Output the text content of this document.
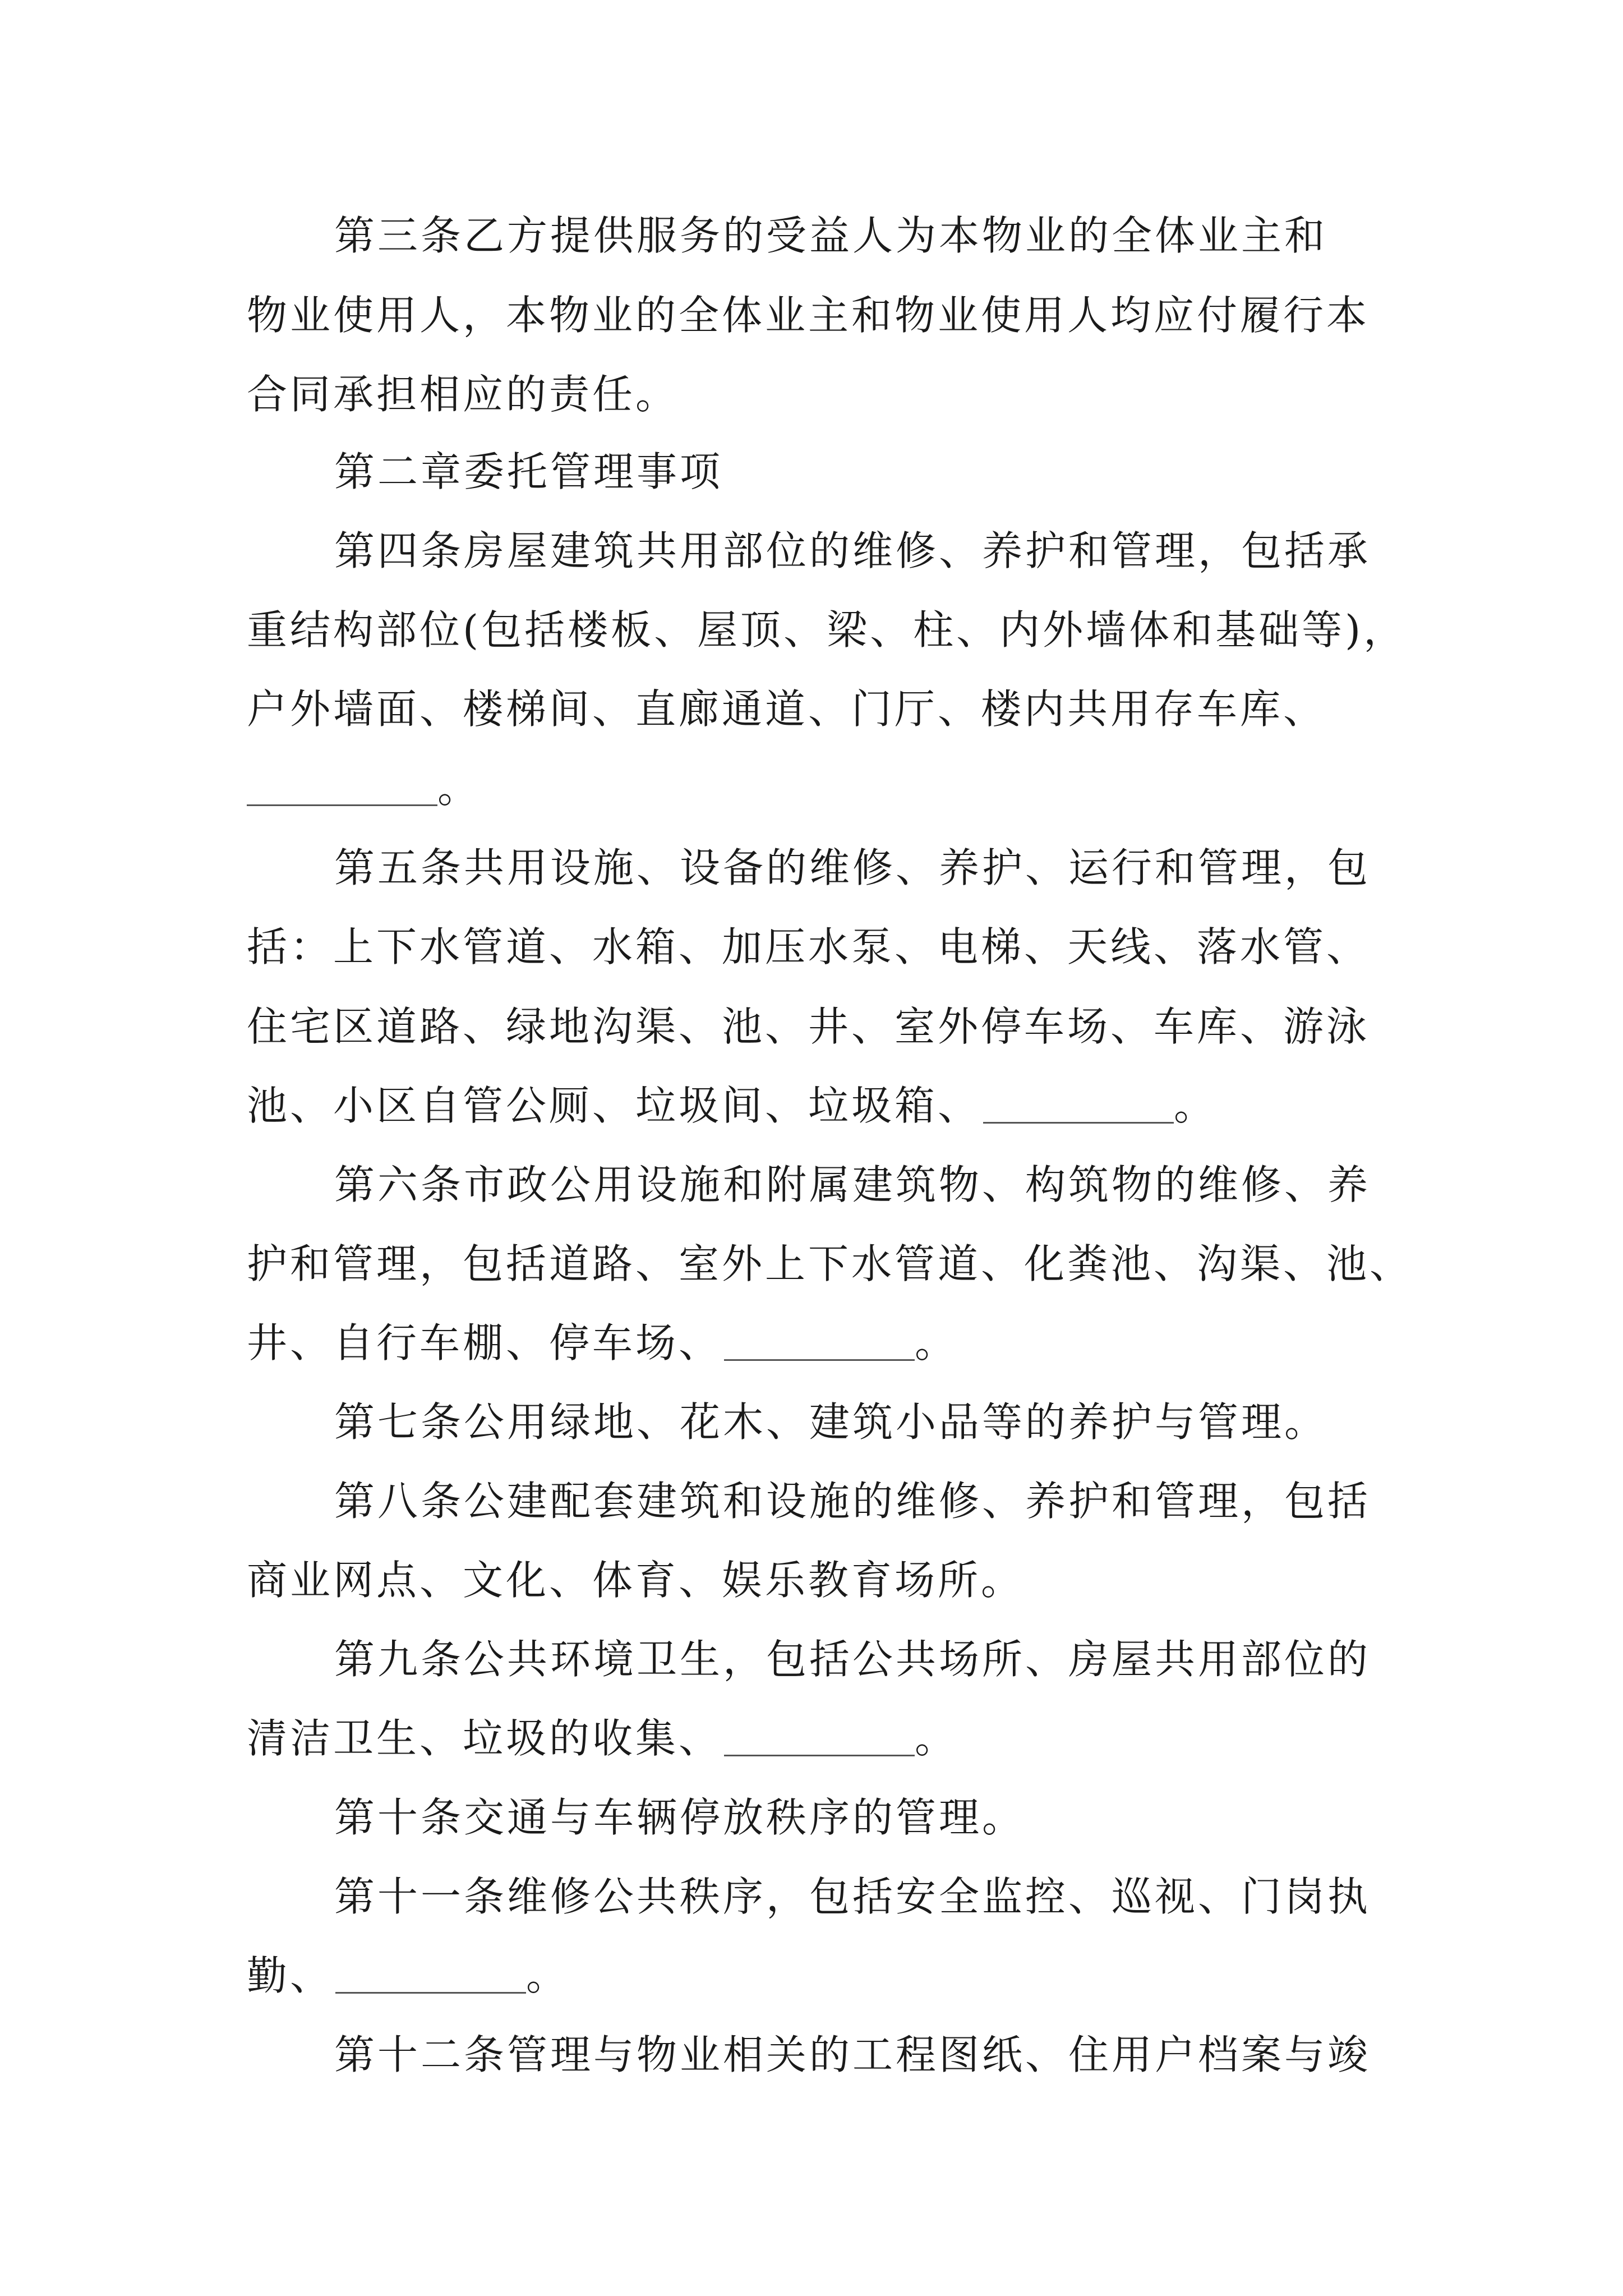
第三条乙方提供服务的受益人为本物业的全体业主和
物业使用人，本物业的全体业主和物业使用人均应付履行本
合同承担相应的责任。
第二章委托管理事项
第四条房屋建筑共用部位的维修、养护和管理，包括承
重结构部位(包括楼板、屋顶、梁、柱、内外墙体和基础等)，
户外墙面、楼梯间、直廊通道、门厅、楼内共用存车库、
。
第五条共用设施、设备的维修、养护、运行和管理，包
括：上下水管道、水箱、加压水泵、电梯、天线、落水管、
住宅区道路、绿地沟渠、池、井、室外停车场、车库、游泳
池、小区自管公厕、垃圾间、垃圾箱、	。
第六条市政公用设施和附属建筑物、构筑物的维修、养
护和管理，包括道路、室外上下水管道、化粪池、沟渠、池、
井、自行车棚、停车场、	。
第七条公用绿地、花木、建筑小品等的养护与管理。
第八条公建配套建筑和设施的维修、养护和管理，包括
商业网点、文化、体育、娱乐教育场所。
第九条公共环境卫生，包括公共场所、房屋共用部位的
清洁卫生、垃圾的收集、	。
第十条交通与车辆停放秩序的管理。
第十一条维修公共秩序，包括安全监控、巡视、门岗执
勤、	。
第十二条管理与物业相关的工程图纸、住用户档案与竣
